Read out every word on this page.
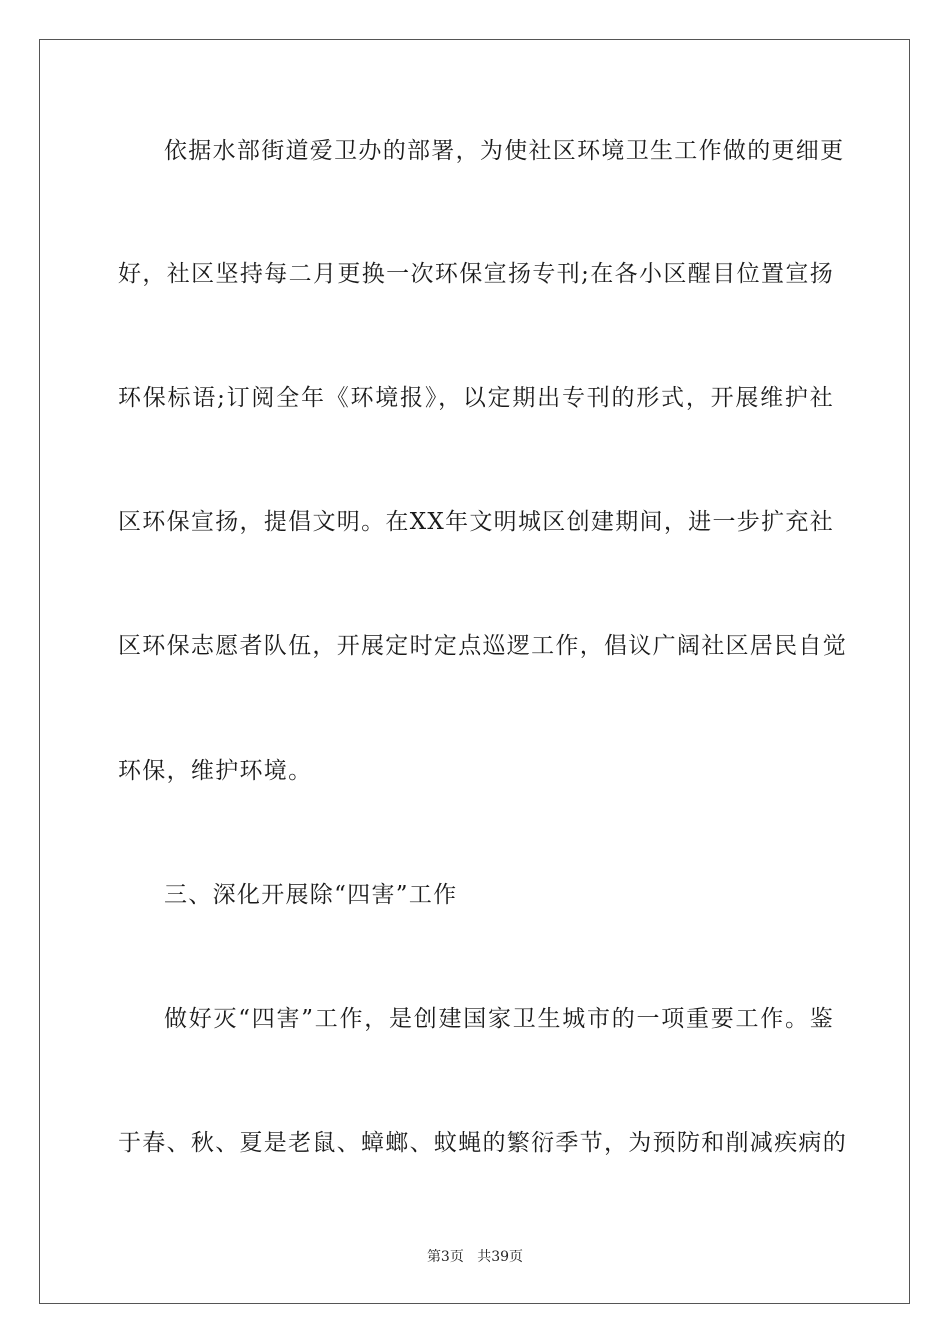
依据水部街道爱卫办的部署，为使社区环境卫生工作做的更细更
好，社区坚持每二月更换一次环保宣扬专刊;在各小区醒目位置宣扬
环保标语;订阅全年《环境报》，以定期出专刊的形式，开展维护社
区环保宣扬，提倡文明。在XX年文明城区创建期间，进一步扩充社
区环保志愿者队伍，开展定时定点巡逻工作，倡议广阔社区居民自觉
环保，维护环境。
三、深化开展除“四害”工作
做好灭“四害”工作，是创建国家卫生城市的一项重要工作。鉴
于春、秋、夏是老鼠、蟑螂、蚊蝇的繁衍季节，为预防和削减疾病的
第3页 共39页
